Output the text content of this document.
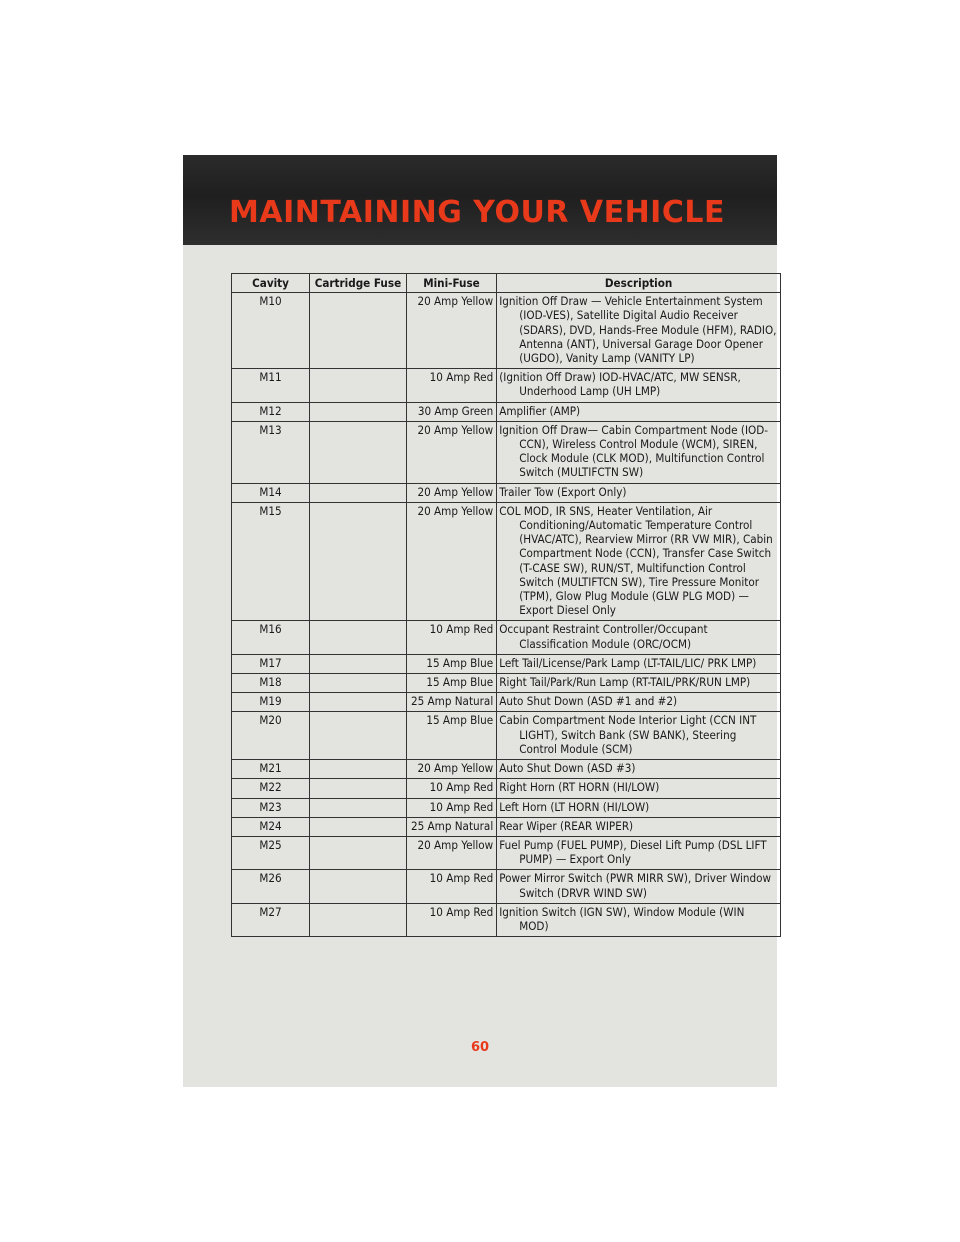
MAINTAINING YOUR VEHICLE
Cavity	Cartridge Fuse	Mini-Fuse	Description
M10		20 Amp Yellow	Ignition Off Draw — Vehicle Entertainment System (IOD-VES), Satellite Digital Audio Receiver (SDARS), DVD, Hands-Free Module (HFM), RADIO, Antenna (ANT), Universal Garage Door Opener (UGDO), Vanity Lamp (VANITY LP)
M11		10 Amp Red	(Ignition Off Draw) IOD-HVAC/ATC, MW SENSR, Underhood Lamp (UH LMP)
M12		30 Amp Green	Amplifier (AMP)
M13		20 Amp Yellow	Ignition Off Draw— Cabin Compartment Node (IOD-CCN), Wireless Control Module (WCM), SIREN, Clock Module (CLK MOD), Multifunction Control Switch (MULTIFCTN SW)
M14		20 Amp Yellow	Trailer Tow (Export Only)
M15		20 Amp Yellow	COL MOD, IR SNS, Heater Ventilation, Air Conditioning/Automatic Temperature Control (HVAC/ATC), Rearview Mirror (RR VW MIR), Cabin Compartment Node (CCN), Transfer Case Switch (T-CASE SW), RUN/ST, Multifunction Control Switch (MULTIFTCN SW), Tire Pressure Monitor (TPM), Glow Plug Module (GLW PLG MOD) — Export Diesel Only
M16		10 Amp Red	Occupant Restraint Controller/Occupant Classification Module (ORC/OCM)
M17		15 Amp Blue	Left Tail/License/Park Lamp (LT-TAIL/LIC/ PRK LMP)
M18		15 Amp Blue	Right Tail/Park/Run Lamp (RT-TAIL/PRK/RUN LMP)
M19		25 Amp Natural	Auto Shut Down (ASD #1 and #2)
M20		15 Amp Blue	Cabin Compartment Node Interior Light (CCN INT LIGHT), Switch Bank (SW BANK), Steering Control Module (SCM)
M21		20 Amp Yellow	Auto Shut Down (ASD #3)
M22		10 Amp Red	Right Horn (RT HORN (HI/LOW)
M23		10 Amp Red	Left Horn (LT HORN (HI/LOW)
M24		25 Amp Natural	Rear Wiper (REAR WIPER)
M25		20 Amp Yellow	Fuel Pump (FUEL PUMP), Diesel Lift Pump (DSL LIFT PUMP) — Export Only
M26		10 Amp Red	Power Mirror Switch (PWR MIRR SW), Driver Window Switch (DRVR WIND SW)
M27		10 Amp Red	Ignition Switch (IGN SW), Window Module (WIN MOD)
60
